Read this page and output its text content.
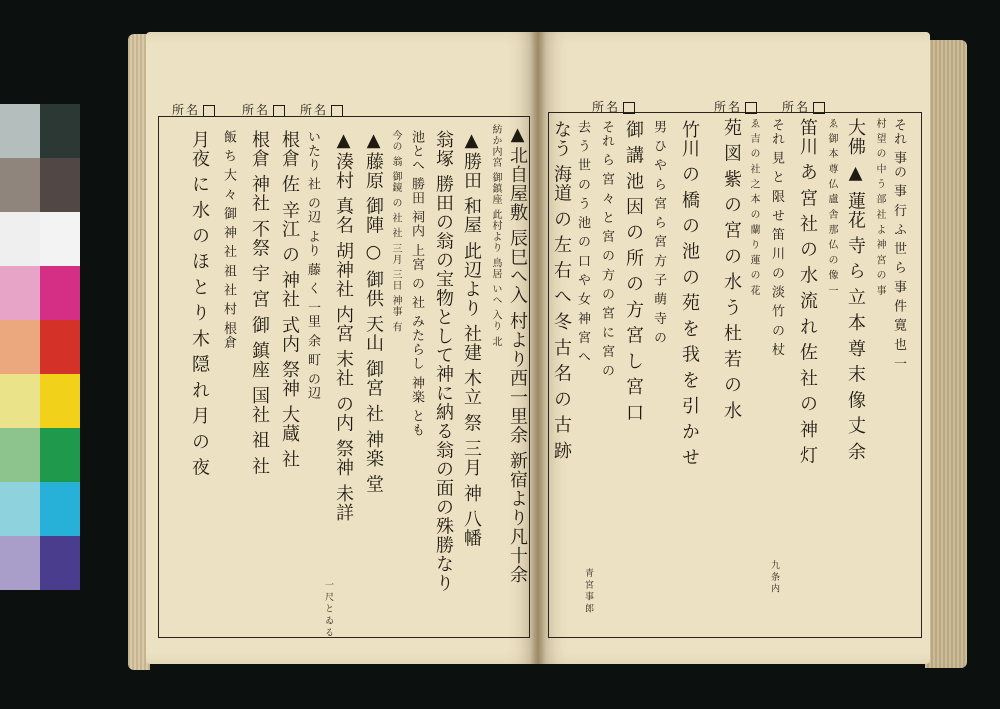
所名	所名	所名	所名	所名	所名
▲北自屋敷 辰巳へ入 村より西一里余 新宿より凡十余
紡か内宮 御鎮座 此村より 鳥居 いへ 入り 北
▲勝田 和屋 此辺より 社建 木立 祭 三月 神 八幡
翁塚 勝田の翁の宝物として神に納る翁の面の殊勝なり
池とへ 勝田 祠内 上宮 の 社 みたらし 神楽 とも
今の 翁 御鏡 の 社 社 三月 三日 神事 有
▲藤原 御陣 ○ 御供 天山 御宮 社 神楽 堂
▲湊村 真名 胡神社 内宮 末社 の内 祭神 未詳
いたり 社 の辺 より 藤 く 一里 余 町 の辺
根倉 佐 辛江 の 神社 式内 祭神 大蔵 社
根倉 神社 不祭 宇 宮 御 鎮座 国社 祖 社
飯 ち 大 々 御 神 社 祖 社 村 根倉
月夜 に 水 の ほ と り 木 隠 れ 月 の 夜
一 尺 と ゐ る
それ 事の 事 行 ふ 世 ら 事 件 寛 也 一
村 望 の 中 う 部 社 よ 神 宮 の 事
大佛 ▲ 蓮花 寺 ら 立 本 尊 末 像 丈 余
ゑ 御 本 尊 仏 盧 舎 那 仏 の 像 一
笛川 あ 宮 社 の 水 流 れ 佐 社 の 神 灯
それ 見 と 限 せ 笛 川 の 淡 竹 の 杖
ゑ 吉 の 社 之 本 の 蘭 り 蓮 の 花
苑 図 紫 の 宮 の 水 う 杜 若 の 水
竹川 の 橋 の 池 の 苑 を 我 を 引 か せ
男 ひ や ら 宮 ら 宮 方 子 萌 寺 の
御 講 池 因 の 所 の 方 宮 し 宮 口
それ ら 宮 々 と 宮 の 方 の 宮 に 宮 の
去 う 世 の う 池 の 口 や 女 神 宮 へ
なう 海道 の 左 右 へ 冬 古 名 の 古 跡
青 宮 事 郎	九 条 内
